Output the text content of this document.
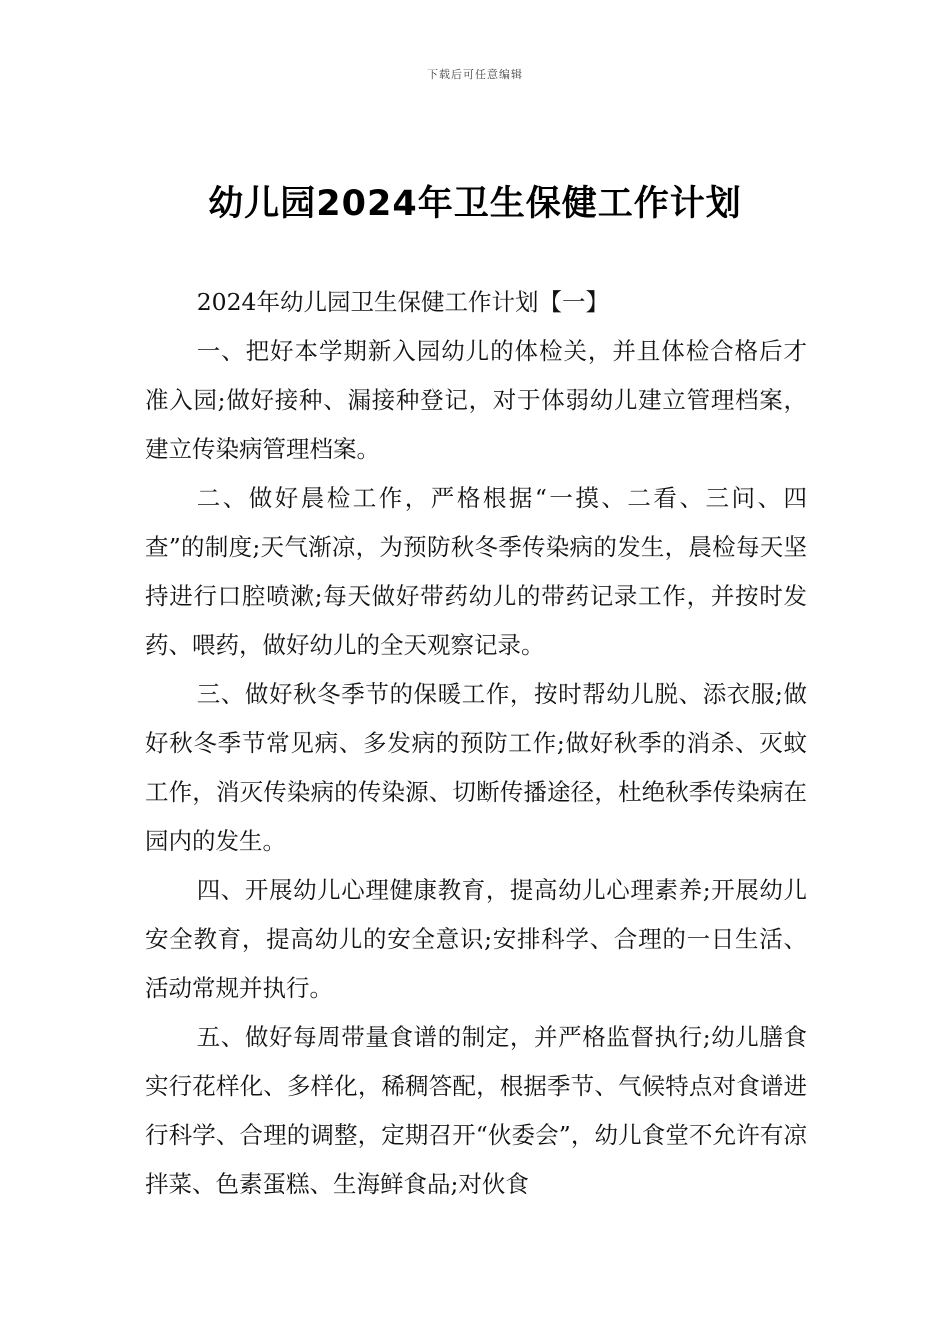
下载后可任意编辑
幼儿园2024年卫生保健工作计划

2024年幼儿园卫生保健工作计划【一】

一、把好本学期新入园幼儿的体检关，并且体检合格后才准入园;做好接种、漏接种登记，对于体弱幼儿建立管理档案，建立传染病管理档案。

二、做好晨检工作，严格根据“一摸、二看、三问、四查”的制度;天气渐凉，为预防秋冬季传染病的发生，晨检每天坚持进行口腔喷漱;每天做好带药幼儿的带药记录工作，并按时发药、喂药，做好幼儿的全天观察记录。

三、做好秋冬季节的保暖工作，按时帮幼儿脱、添衣服;做好秋冬季节常见病、多发病的预防工作;做好秋季的消杀、灭蚊工作，消灭传染病的传染源、切断传播途径，杜绝秋季传染病在园内的发生。

四、开展幼儿心理健康教育，提高幼儿心理素养;开展幼儿安全教育，提高幼儿的安全意识;安排科学、合理的一日生活、活动常规并执行。

五、做好每周带量食谱的制定，并严格监督执行;幼儿膳食实行花样化、多样化，稀稠答配，根据季节、气候特点对食谱进行科学、合理的调整，定期召开“伙委会”，幼儿食堂不允许有凉拌菜、色素蛋糕、生海鲜食品;对伙食
